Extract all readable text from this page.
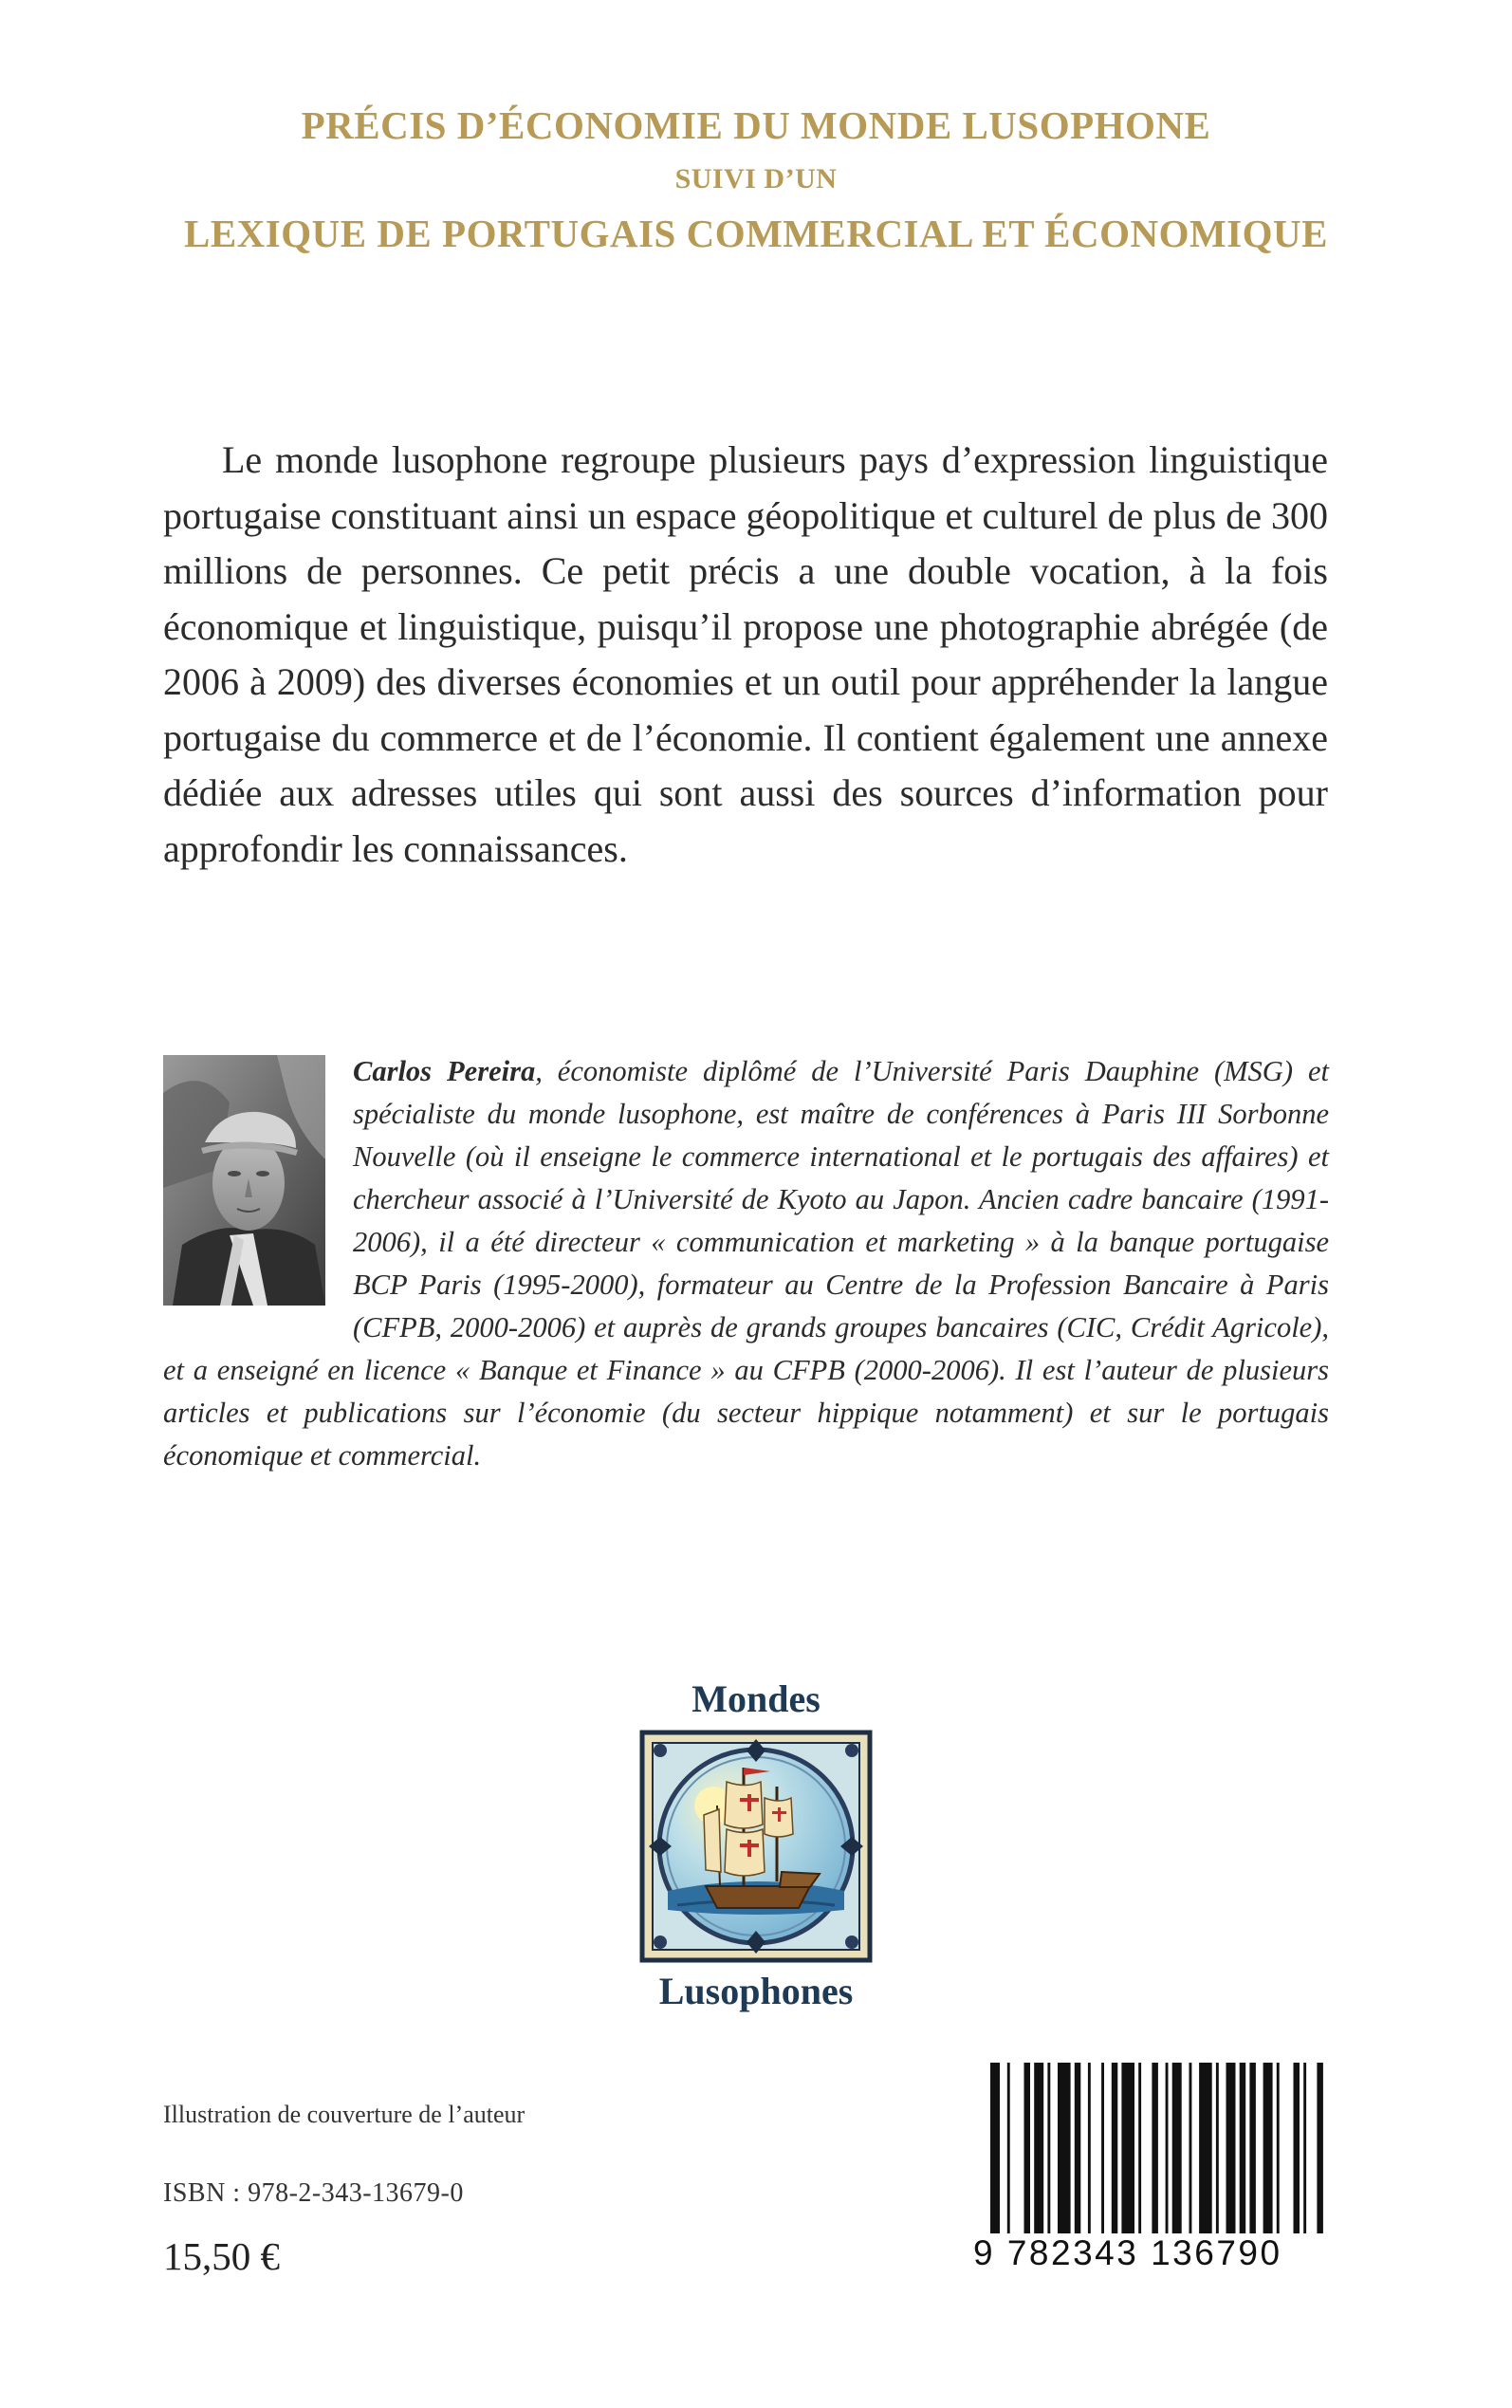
PRÉCIS D’ÉCONOMIE DU MONDE LUSOPHONE
SUIVI D’UN
LEXIQUE DE PORTUGAIS COMMERCIAL ET ÉCONOMIQUE

Le monde lusophone regroupe plusieurs pays d’expression linguistique portugaise constituant ainsi un espace géopolitique et culturel de plus de 300 millions de personnes. Ce petit précis a une double vocation, à la fois économique et linguistique, puisqu’il propose une photographie abrégée (de 2006 à 2009) des diverses économies et un outil pour appréhender la langue portugaise du commerce et de l’économie. Il contient également une annexe dédiée aux adresses utiles qui sont aussi des sources d’information pour approfondir les connaissances.

Carlos Pereira, économiste diplômé de l’Université Paris Dauphine (MSG) et spécialiste du monde lusophone, est maître de conférences à Paris III Sorbonne Nouvelle (où il enseigne le commerce international et le portugais des affaires) et chercheur associé à l’Université de Kyoto au Japon. Ancien cadre bancaire (1991-2006), il a été directeur « communication et marketing » à la banque portugaise BCP Paris (1995-2000), formateur au Centre de la Profession Bancaire à Paris (CFPB, 2000-2006) et auprès de grands groupes bancaires (CIC, Crédit Agricole), et a enseigné en licence « Banque et Finance » au CFPB (2000-2006). Il est l’auteur de plusieurs articles et publications sur l’économie (du secteur hippique notamment) et sur le portugais économique et commercial.

Mondes
Lusophones
Illustration de couverture de l’auteur
ISBN : 978-2-343-13679-0
15,50 €	9 782343 136790
